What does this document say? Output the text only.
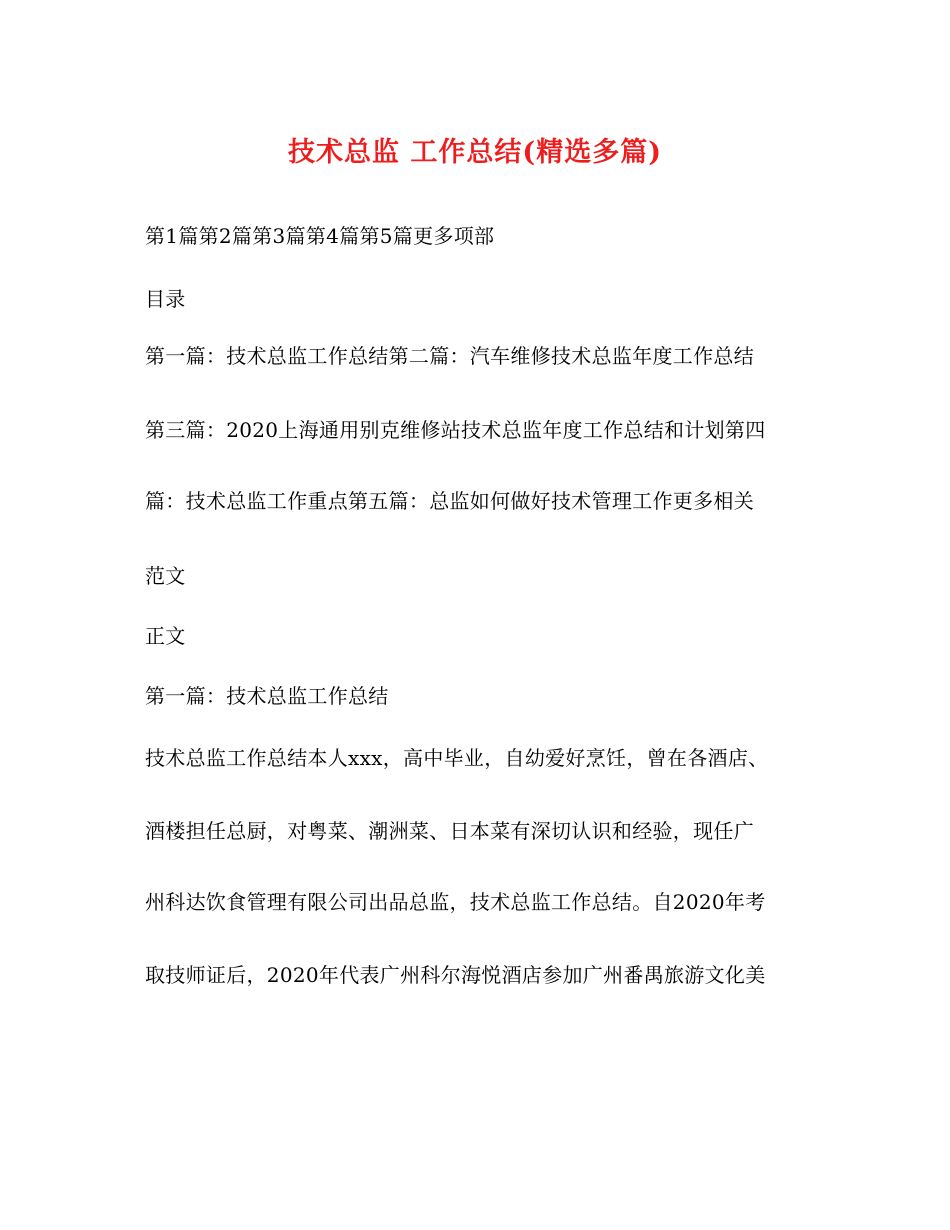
技术总监 工作总结(精选多篇)
第1篇第2篇第3篇第4篇第5篇更多项部
目录
第一篇：技术总监工作总结第二篇：汽车维修技术总监年度工作总结
第三篇：2020上海通用别克维修站技术总监年度工作总结和计划第四
篇：技术总监工作重点第五篇：总监如何做好技术管理工作更多相关
范文
正文
第一篇：技术总监工作总结
技术总监工作总结本人xxx，高中毕业，自幼爱好烹饪，曾在各酒店、
酒楼担任总厨，对粤菜、潮洲菜、日本菜有深切认识和经验，现任广
州科达饮食管理有限公司出品总监，技术总监工作总结。自2020年考
取技师证后，2020年代表广州科尔海悦酒店参加广州番禺旅游文化美
